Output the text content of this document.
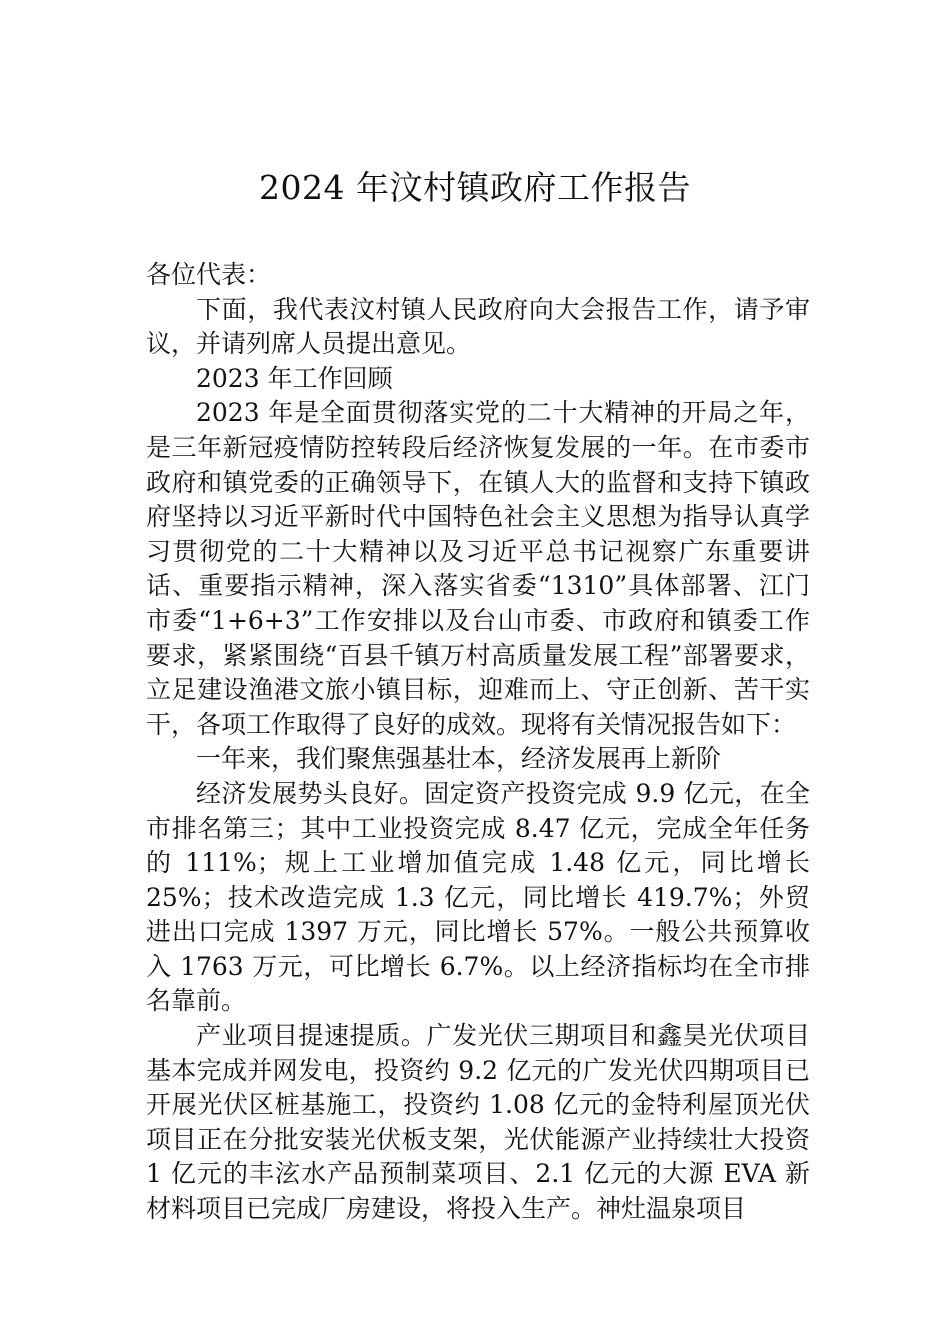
2024 年汶村镇政府工作报告

各位代表：

下面，我代表汶村镇人民政府向大会报告工作，请予审议，并请列席人员提出意见。

2023 年工作回顾

2023 年是全面贯彻落实党的二十大精神的开局之年，是三年新冠疫情防控转段后经济恢复发展的一年。在市委市政府和镇党委的正确领导下，在镇人大的监督和支持下镇政府坚持以习近平新时代中国特色社会主义思想为指导认真学习贯彻党的二十大精神以及习近平总书记视察广东重要讲话、重要指示精神，深入落实省委“1310”具体部署、江门市委“1+6+3”工作安排以及台山市委、市政府和镇委工作要求，紧紧围绕“百县千镇万村高质量发展工程”部署要求，立足建设渔港文旅小镇目标，迎难而上、守正创新、苦干实干，各项工作取得了良好的成效。现将有关情况报告如下：

一年来，我们聚焦强基壮本，经济发展再上新阶

经济发展势头良好。固定资产投资完成 9.9 亿元，在全市排名第三；其中工业投资完成 8.47 亿元，完成全年任务的 111%；规上工业增加值完成 1.48 亿元，同比增长 25%；技术改造完成 1.3 亿元，同比增长 419.7%；外贸进出口完成 1397 万元，同比增长 57%。一般公共预算收入 1763 万元，可比增长 6.7%。以上经济指标均在全市排名靠前。

产业项目提速提质。广发光伏三期项目和鑫昊光伏项目基本完成并网发电，投资约 9.2 亿元的广发光伏四期项目已开展光伏区桩基施工，投资约 1.08 亿元的金特利屋顶光伏项目正在分批安装光伏板支架，光伏能源产业持续壮大投资 1 亿元的丰泫水产品预制菜项目、2.1 亿元的大源 EVA 新材料项目已完成厂房建设，将投入生产。神灶温泉项目
